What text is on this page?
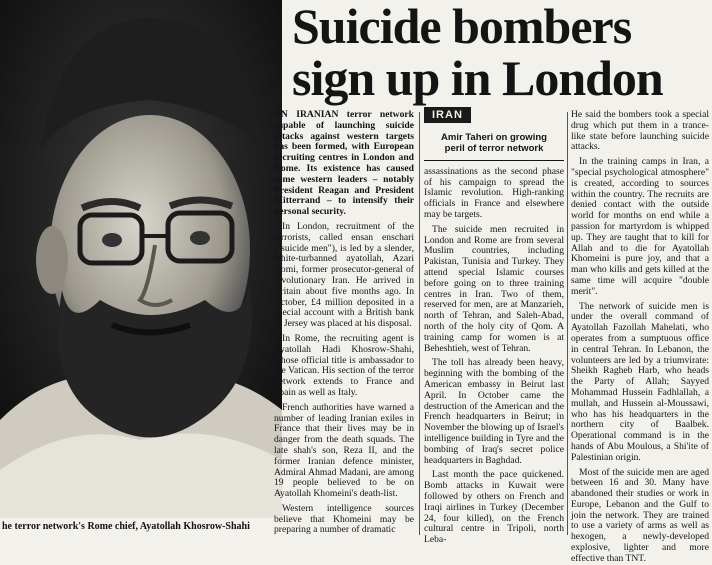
he terror network's Rome chief, Ayatollah Khosrow-Shahi
Suicide bombers
sign up in London

AN IRANIAN terror network capable of launching suicide attacks against western targets has been formed, with European recruiting centres in London and Rome. Its existence has caused some western leaders – notably President Reagan and President Mitterrand – to intensify their personal security.

In London, recruitment of the terrorists, called ensan enschari ("suicide men"), is led by a slender, white-turbanned ayatollah, Azari Qomi, former prosecutor-general of revolutionary Iran. He arrived in Britain about five months ago. In October, £4 million deposited in a special account with a British bank in Jersey was placed at his disposal.

In Rome, the recruiting agent is Ayatollah Hadi Khosrow-Shahi, whose official title is ambassador to the Vatican. His section of the terror network extends to France and Spain as well as Italy.

French authorities have warned a number of leading Iranian exiles in France that their lives may be in danger from the death squads. The late shah's son, Reza II, and the former Iranian defence minister, Admiral Ahmad Madani, are among 19 people believed to be on Ayatollah Khomeini's death-list.

Western intelligence sources believe that Khomeini may be preparing a number of dramatic

IRAN
Amir Taheri on growing
peril of terror network

assassinations as the second phase of his campaign to spread the Islamic revolution. High-ranking officials in France and elsewhere may be targets.

The suicide men recruited in London and Rome are from several Muslim countries, including Pakistan, Tunisia and Turkey. They attend special Islamic courses before going on to three training centres in Iran. Two of them, reserved for men, are at Manzarieh, north of Tehran, and Saleh-Abad, north of the holy city of Qom. A training camp for women is at Beheshtieh, west of Tehran.

The toll has already been heavy, beginning with the bombing of the American embassy in Beirut last April. In October came the destruction of the American and the French headquarters in Beirut; in November the blowing up of Israel's intelligence building in Tyre and the bombing of Iraq's secret police headquarters in Baghdad.

Last month the pace quickened. Bomb attacks in Kuwait were followed by others on French and Iraqi airlines in Turkey (December 24, four killed), on the French cultural centre in Tripoli, north Leba-

He said the bombers took a special drug which put them in a trance-like state before launching suicide attacks.

In the training camps in Iran, a "special psychological atmosphere" is created, according to sources within the country. The recruits are denied contact with the outside world for months on end while a passion for martyrdom is whipped up. They are taught that to kill for Allah and to die for Ayatollah Khomeini is pure joy, and that a man who kills and gets killed at the same time will acquire "double merit".

The network of suicide men is under the overall command of Ayatollah Fazollah Mahelati, who operates from a sumptuous office in central Tehran. In Lebanon, the volunteers are led by a triumvirate: Sheikh Ragheb Harb, who heads the Party of Allah; Sayyed Mohammad Hussein Fadhlallah, a mullah, and Hussein al-Moussawi, who has his headquarters in the northern city of Baalbek. Operational command is in the hands of Abu Moulous, a Shi'ite of Palestinian origin.

Most of the suicide men are aged between 16 and 30. Many have abandoned their studies or work in Europe, Lebanon and the Gulf to join the network. They are trained to use a variety of arms as well as hexogen, a newly-developed explosive, lighter and more effective than TNT.
